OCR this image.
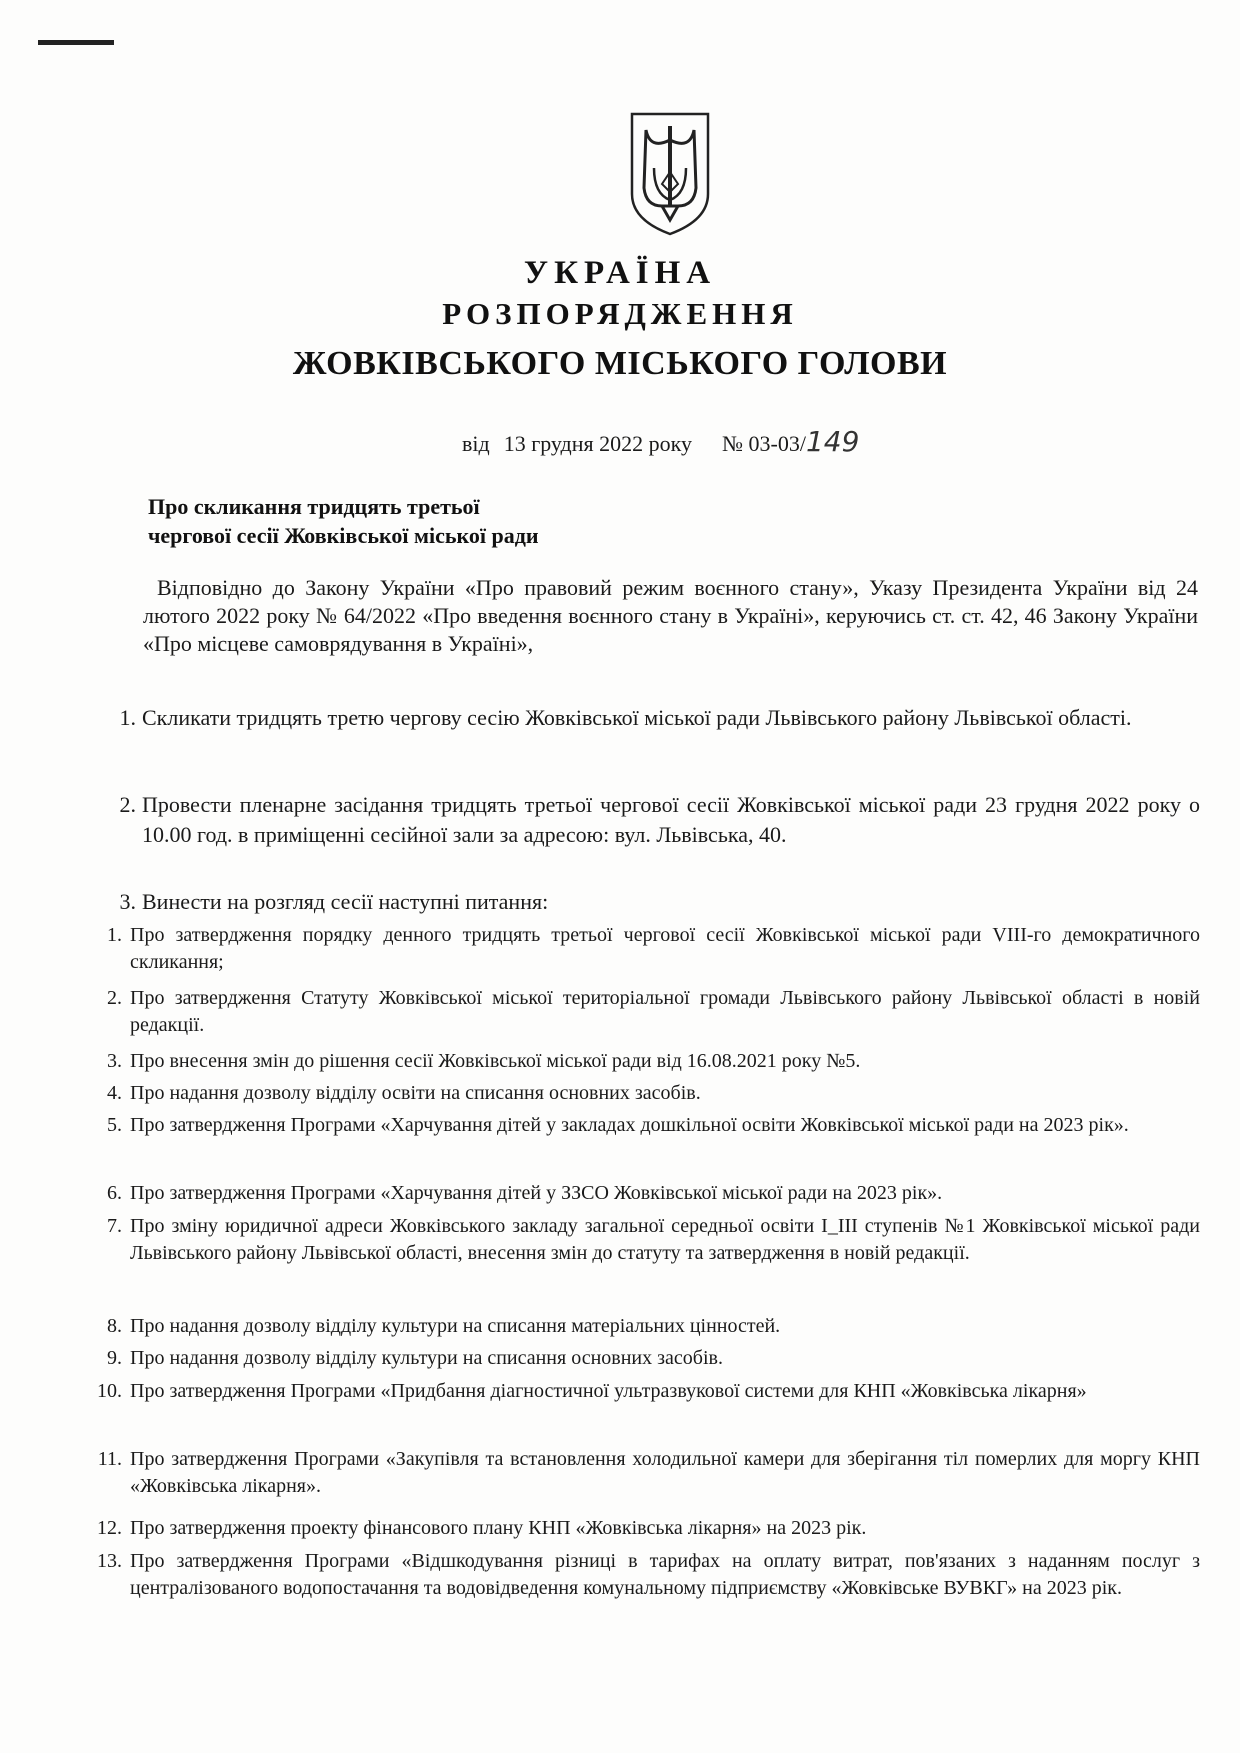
УКРАЇНА
РОЗПОРЯДЖЕННЯ
ЖОВКІВСЬКОГО МІСЬКОГО ГОЛОВИ
від 13 грудня 2022 року № 03-03/149
Про скликання тридцять третьої
чергової сесії Жовківської міської ради
Відповідно до Закону України «Про правовий режим воєнного стану», Указу Президента України від 24 лютого 2022 року № 64/2022 «Про введення воєнного стану в Україні», керуючись ст. ст. 42, 46 Закону України «Про місцеве самоврядування в Україні»,
1. Скликати тридцять третю чергову сесію Жовківської міської ради Львівського району Львівської області.
2. Провести пленарне засідання тридцять третьої чергової сесії Жовківської міської ради 23 грудня 2022 року о 10.00 год. в приміщенні сесійної зали за адресою: вул. Львівська, 40.
3. Винести на розгляд сесії наступні питання:
1. Про затвердження порядку денного тридцять третьої чергової сесії Жовківської міської ради VIII-го демократичного скликання;
2. Про затвердження Статуту Жовківської міської територіальної громади Львівського району Львівської області в новій редакції.
3. Про внесення змін до рішення сесії Жовківської міської ради від 16.08.2021 року №5.
4. Про надання дозволу відділу освіти на списання основних засобів.
5. Про затвердження Програми «Харчування дітей у закладах дошкільної освіти Жовківської міської ради на 2023 рік».
6. Про затвердження Програми «Харчування дітей у ЗЗСО Жовківської міської ради на 2023 рік».
7. Про зміну юридичної адреси Жовківського закладу загальної середньої освіти І_ІІІ ступенів №1 Жовківської міської ради Львівського району Львівської області, внесення змін до статуту та затвердження в новій редакції.
8. Про надання дозволу відділу культури на списання матеріальних цінностей.
9. Про надання дозволу відділу культури на списання основних засобів.
10. Про затвердження Програми «Придбання діагностичної ультразвукової системи для КНП «Жовківська лікарня»
11. Про затвердження Програми «Закупівля та встановлення холодильної камери для зберігання тіл померлих для моргу КНП «Жовківська лікарня».
12. Про затвердження проекту фінансового плану КНП «Жовківська лікарня» на 2023 рік.
13. Про затвердження Програми «Відшкодування різниці в тарифах на оплату витрат, пов'язаних з наданням послуг з централізованого водопостачання та водовідведення комунальному підприємству «Жовківське ВУВКГ» на 2023 рік.
